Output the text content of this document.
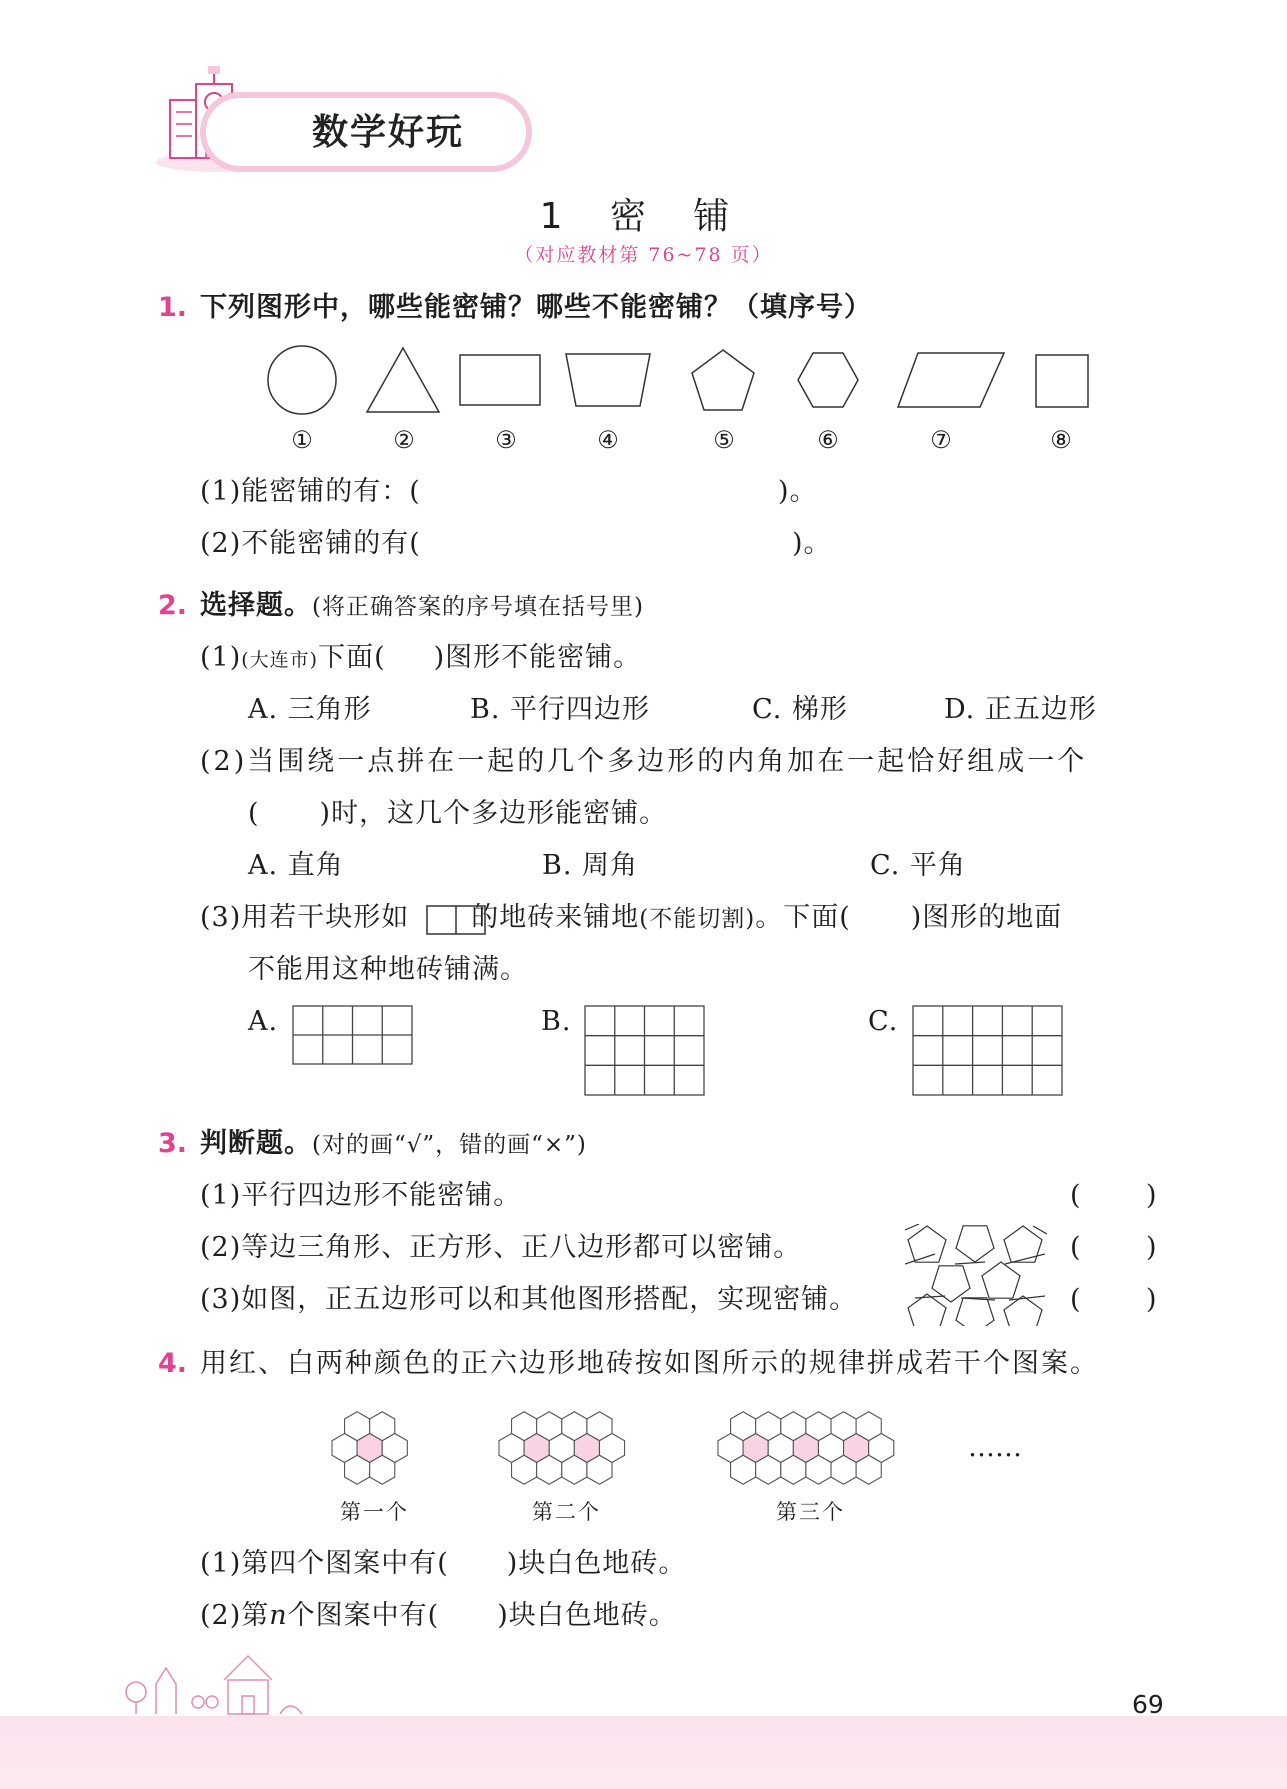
数学好玩
1 密 铺
（对应教材第 76~78 页）
1. 下列图形中，哪些能密铺？哪些不能密铺？（填序号）
①	②	③	④	⑤	⑥	⑦	⑧
(1)能密铺的有：(	)。
(2)不能密铺的有(	)。
2. 选择题。(将正确答案的序号填在括号里)
(1)(大连市)下面( )图形不能密铺。
A. 三角形	B. 平行四边形	C. 梯形	D. 正五边形
(2)当围绕一点拼在一起的几个多边形的内角加在一起恰好组成一个
( )时，这几个多边形能密铺。
A. 直角	B. 周角	C. 平角
(3)用若干块形如 的地砖来铺地(不能切割)。下面( )图形的地面
不能用这种地砖铺满。
A.	B.	C.
3. 判断题。(对的画“√”，错的画“×”)
(1)平行四边形不能密铺。	( )
(2)等边三角形、正方形、正八边形都可以密铺。	( )
(3)如图，正五边形可以和其他图形搭配，实现密铺。	( )
4. 用红、白两种颜色的正六边形地砖按如图所示的规律拼成若干个图案。
……
第一个	第二个	第三个
(1)第四个图案中有( )块白色地砖。
(2)第n个图案中有( )块白色地砖。
69
